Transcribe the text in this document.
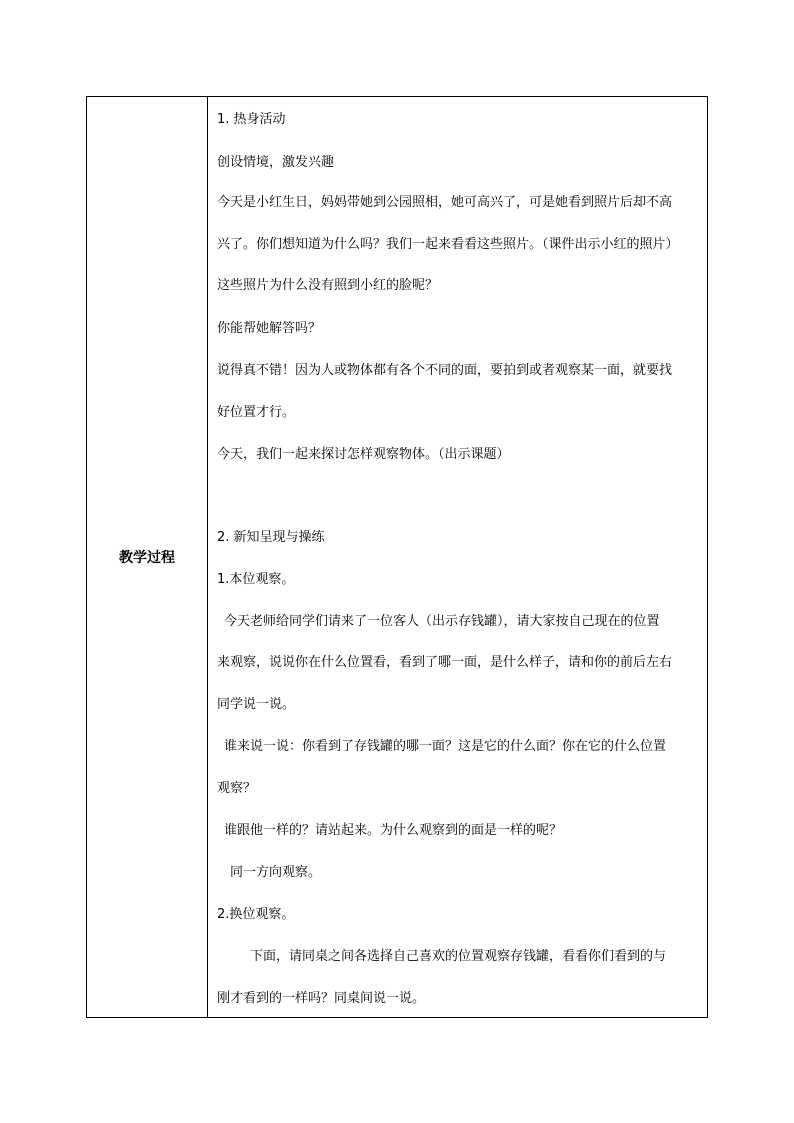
教学过程
1. 热身活动
创设情境，激发兴趣
今天是小红生日，妈妈带她到公园照相，她可高兴了，可是她看到照片后却不高
兴了。你们想知道为什么吗？我们一起来看看这些照片。（课件出示小红的照片）
这些照片为什么没有照到小红的脸呢？
你能帮她解答吗？
说得真不错！因为人或物体都有各个不同的面，要拍到或者观察某一面，就要找
好位置才行。
今天，我们一起来探讨怎样观察物体。（出示课题）
2. 新知呈现与操练
1.本位观察。
今天老师给同学们请来了一位客人（出示存钱罐），请大家按自己现在的位置
来观察，说说你在什么位置看，看到了哪一面，是什么样子，请和你的前后左右
同学说一说。
谁来说一说：你看到了存钱罐的哪一面？这是它的什么面？你在它的什么位置
观察？
谁跟他一样的？请站起来。为什么观察到的面是一样的呢？
同一方向观察。
2.换位观察。
下面，请同桌之间各选择自己喜欢的位置观察存钱罐，看看你们看到的与
刚才看到的一样吗？同桌间说一说。
